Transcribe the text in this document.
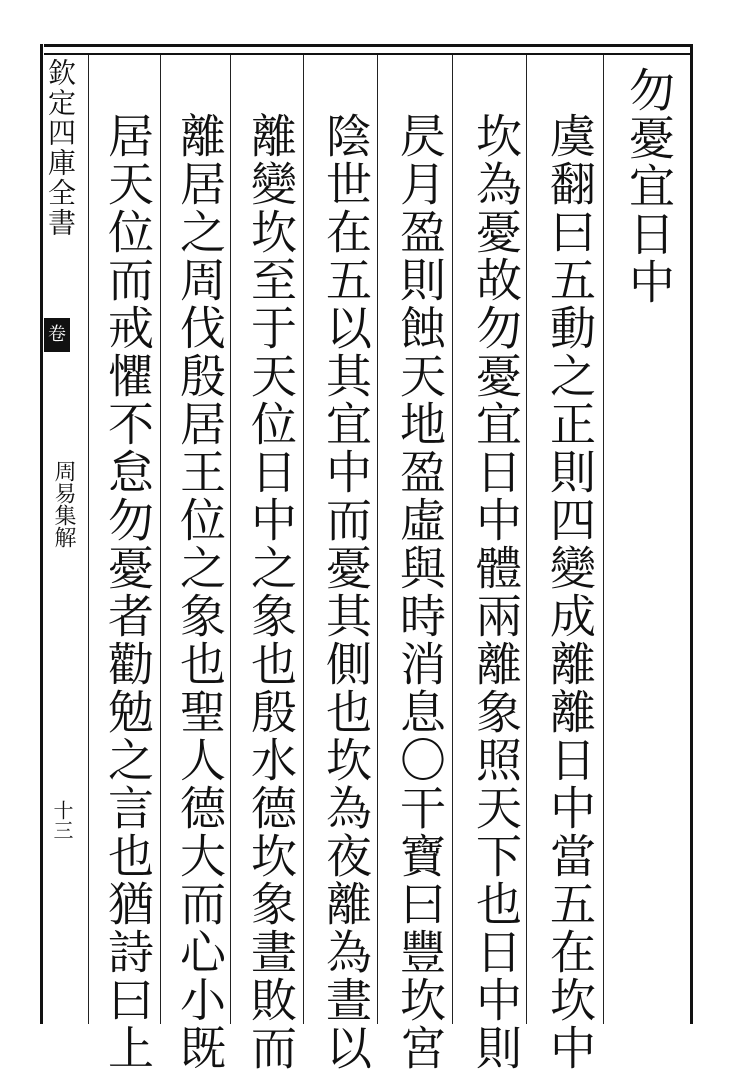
欽定四庫全書
卷
周易集解
十三
勿憂宜日中
虞翻曰五動之正則四變成離離日中當五在坎中
坎為憂故勿憂宜日中體兩離象照天下也日中則
昃月盈則蝕天地盈虛與時消息〇干寶曰豐坎宮
陰世在五以其宜中而憂其側也坎為夜離為晝以
離變坎至于天位日中之象也殷水德坎象晝敗而
離居之周伐殷居王位之象也聖人德大而心小既
居天位而戒懼不怠勿憂者勸勉之言也猶詩曰上
